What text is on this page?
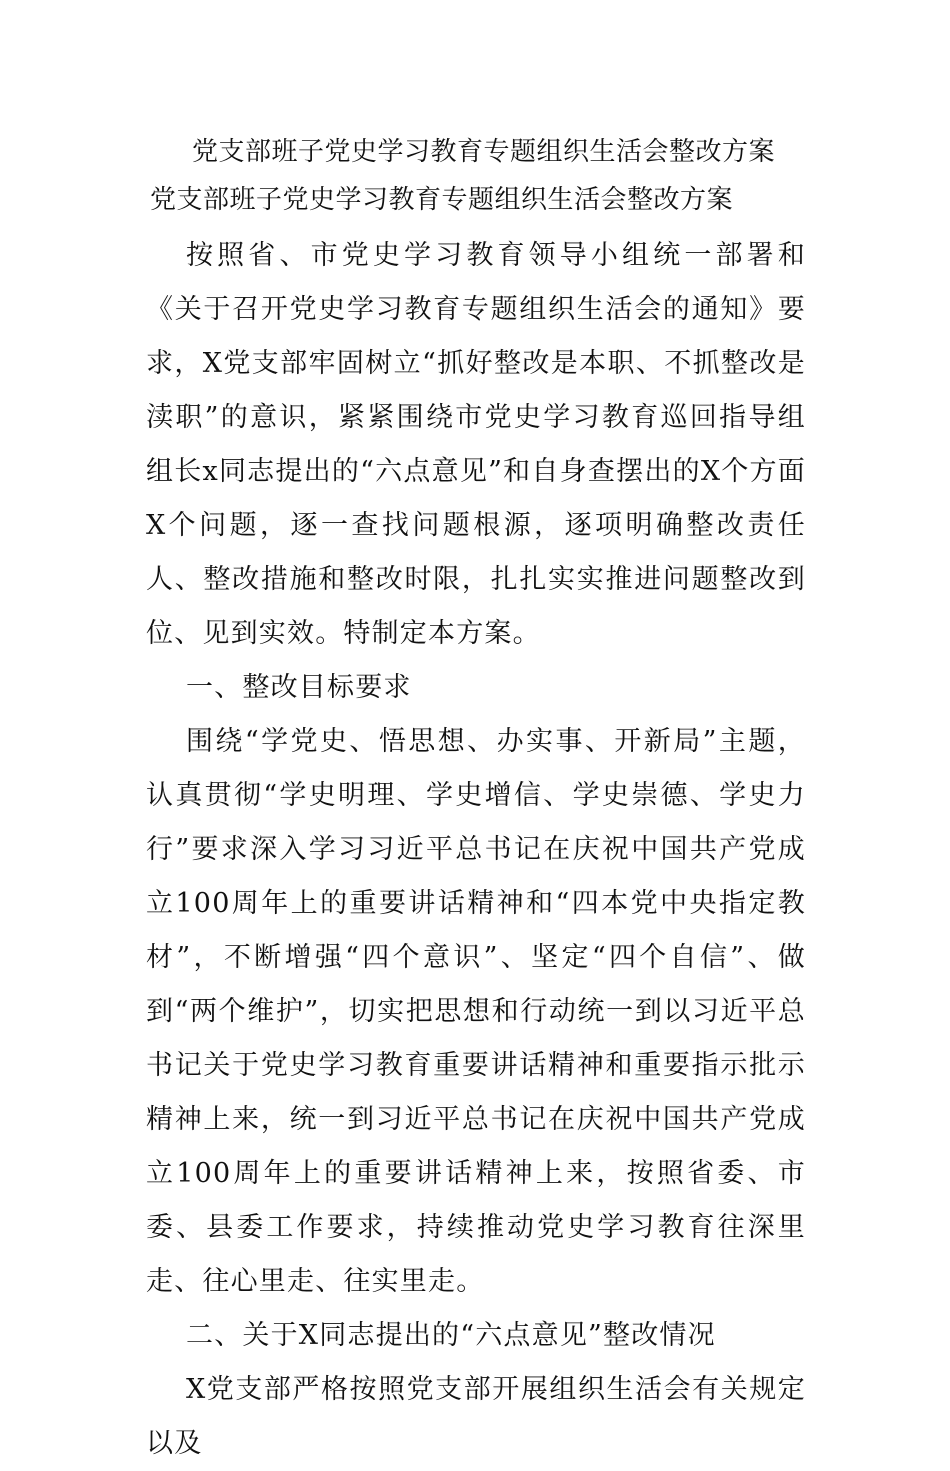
党支部班子党史学习教育专题组织生活会整改方案
党支部班子党史学习教育专题组织生活会整改方案

按照省、市党史学习教育领导小组统一部署和《关于召开党史学习教育专题组织生活会的通知》要求，X党支部牢固树立“抓好整改是本职、不抓整改是渎职”的意识，紧紧围绕市党史学习教育巡回指导组组长x同志提出的“六点意见”和自身查摆出的X个方面X个问题，逐一查找问题根源，逐项明确整改责任人、整改措施和整改时限，扎扎实实推进问题整改到位、见到实效。特制定本方案。

一、整改目标要求

围绕“学党史、悟思想、办实事、开新局”主题，认真贯彻“学史明理、学史增信、学史崇德、学史力行”要求深入学习习近平总书记在庆祝中国共产党成立100周年上的重要讲话精神和“四本党中央指定教材”，不断增强“四个意识”、坚定“四个自信”、做到“两个维护”，切实把思想和行动统一到以习近平总书记关于党史学习教育重要讲话精神和重要指示批示精神上来，统一到习近平总书记在庆祝中国共产党成立100周年上的重要讲话精神上来，按照省委、市委、县委工作要求，持续推动党史学习教育往深里走、往心里走、往实里走。

二、关于X同志提出的“六点意见”整改情况

X党支部严格按照党支部开展组织生活会有关规定以及
